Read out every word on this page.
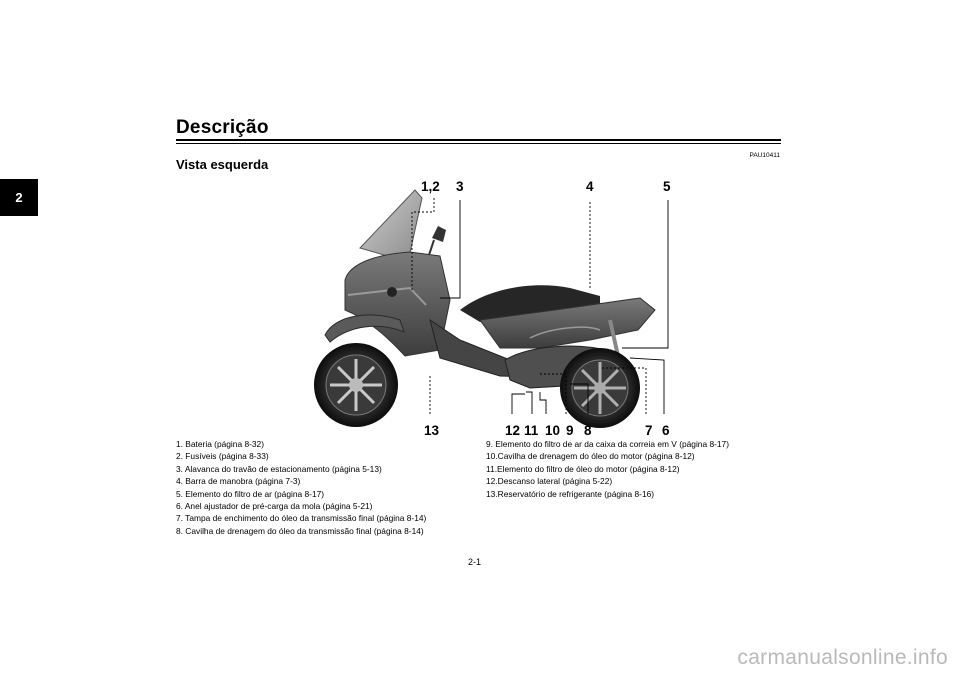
2
Descrição
PAU10411
Vista esquerda
1,2 3	4	5
13	12 11 10 9 8	7 6
1. Bateria (página 8-32)
2. Fusíveis (página 8-33)
3. Alavanca do travão de estacionamento (página 5-13)
4. Barra de manobra (página 7-3)
5. Elemento do filtro de ar (página 8-17)
6. Anel ajustador de pré-carga da mola (página 5-21)
7. Tampa de enchimento do óleo da transmissão final (página 8-14)
8. Cavilha de drenagem do óleo da transmissão final (página 8-14)
9. Elemento do filtro de ar da caixa da correia em V (página 8-17)
10.Cavilha de drenagem do óleo do motor (página 8-12)
11.Elemento do filtro de óleo do motor (página 8-12)
12.Descanso lateral (página 5-22)
13.Reservatório de refrigerante (página 8-16)
2-1
carmanualsonline.info
